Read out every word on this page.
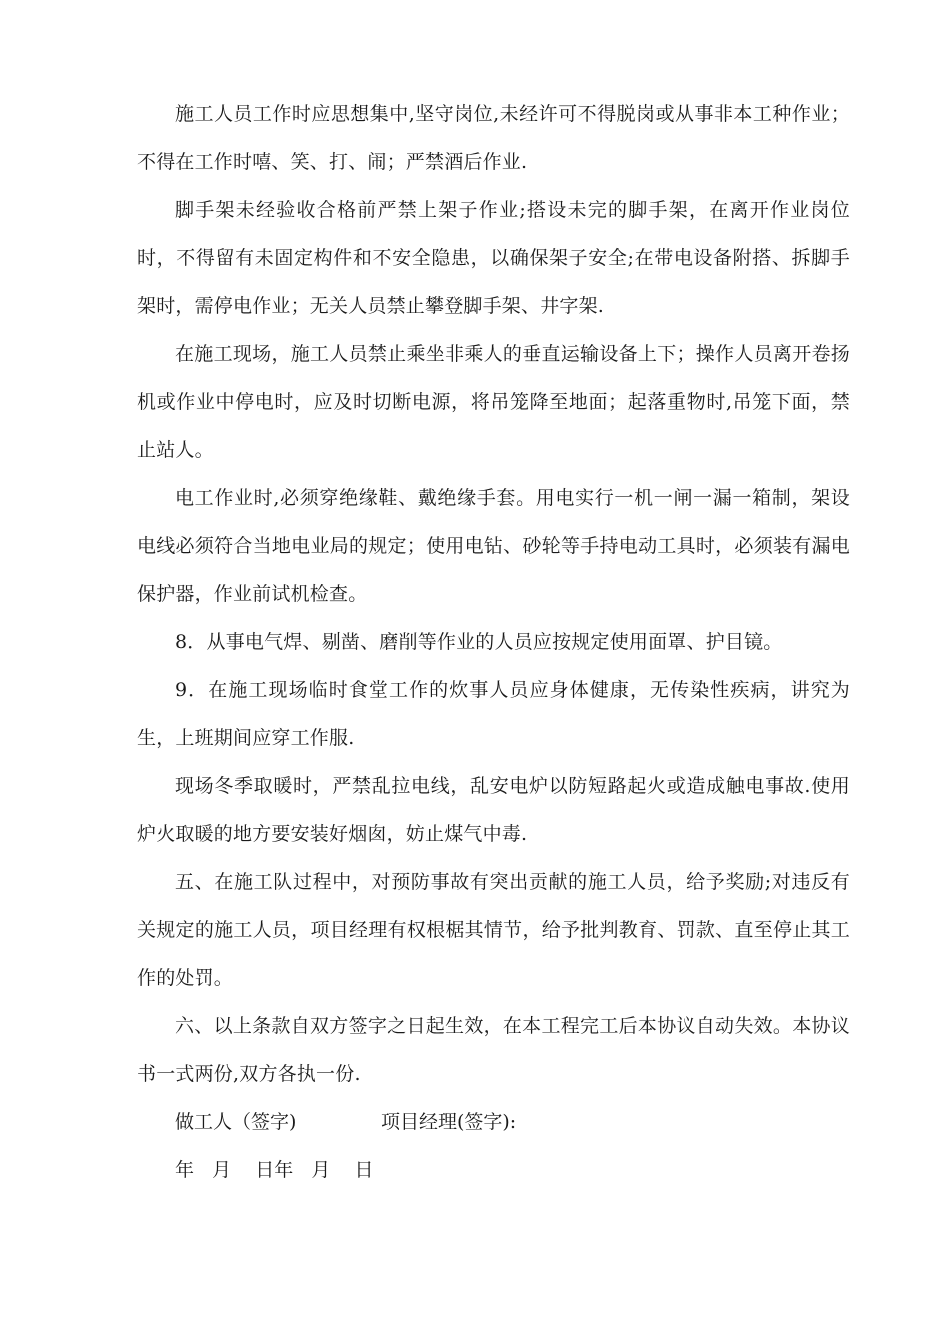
施工人员工作时应思想集中,坚守岗位,未经许可不得脱岗或从事非本工种作业；不得在工作时嘻、笑、打、闹；严禁酒后作业.

脚手架未经验收合格前严禁上架子作业;搭设未完的脚手架，在离开作业岗位时，不得留有未固定构件和不安全隐患，以确保架子安全;在带电设备附搭、拆脚手架时，需停电作业；无关人员禁止攀登脚手架、井字架.

在施工现场，施工人员禁止乘坐非乘人的垂直运输设备上下；操作人员离开卷扬机或作业中停电时，应及时切断电源，将吊笼降至地面；起落重物时,吊笼下面，禁止站人。

电工作业时,必须穿绝缘鞋、戴绝缘手套。用电实行一机一闸一漏一箱制，架设电线必须符合当地电业局的规定；使用电钻、砂轮等手持电动工具时，必须装有漏电保护器，作业前试机检查。

8．从事电气焊、剔凿、磨削等作业的人员应按规定使用面罩、护目镜。

9．在施工现场临时食堂工作的炊事人员应身体健康，无传染性疾病，讲究为生，上班期间应穿工作服.

现场冬季取暖时，严禁乱拉电线，乱安电炉以防短路起火或造成触电事故.使用炉火取暖的地方要安装好烟囱，妨止煤气中毒.

五、在施工队过程中，对预防事故有突出贡献的施工人员，给予奖励;对违反有关规定的施工人员，项目经理有权根椐其情节，给予批判教育、罚款、直至停止其工作的处罚。

六、以上条款自双方签字之日起生效，在本工程完工后本协议自动失效。本协议书一式两份,双方各执一份.

做工人（签字)              项目经理(签字):

年   月    日年   月    日
